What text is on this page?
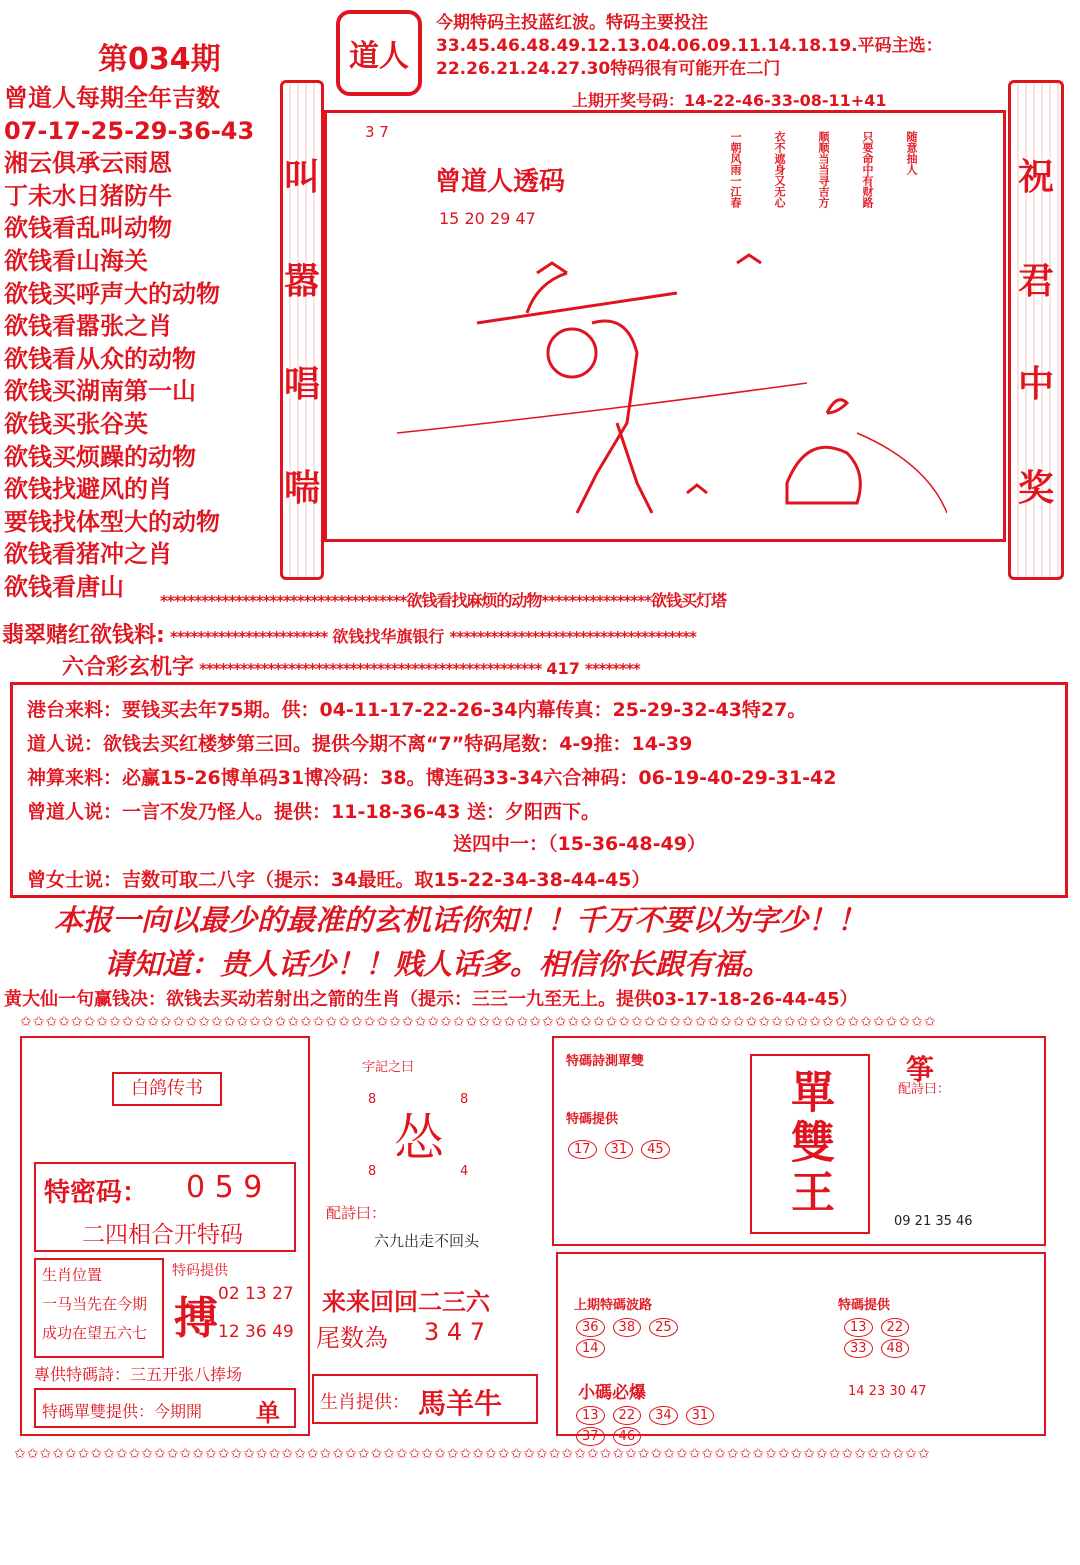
第034期
曾道人每期全年吉数
07-17-25-29-36-43
湘云俱承云雨恩
丁未水日猪防牛
欲钱看乱叫动物
欲钱看山海关
欲钱买呼声大的动物
欲钱看嚣张之肖
欲钱看从众的动物
欲钱买湖南第一山
欲钱买张谷英
欲钱买烦躁的动物
欲钱找避风的肖
要钱找体型大的动物
欲钱看猪冲之肖
欲钱看唐山
道人
今期特码主投蓝红波。特码主要投注33.45.46.48.49.12.13.04.06.09.11.14.18.19.平码主选：22.26.21.24.27.30特码很有可能开在二门
上期开奖号码：14-22-46-33-08-11+41
叫
嚣
唱
喘
祝
君
中
奖
3 7
曾道人透码
15 20 29 47
一朝风雨一江春	衣不遮身又无心	顺顺当当寻吉方	只要命中有财路	随意抽人
************************************欲钱看找麻烦的动物****************欲钱买灯塔
翡翠赌红欲钱料: *********************** 欲钱找华旗银行 ************************************
六合彩玄机字 ************************************************** 417 ********
港台来料：要钱买去年75期。供：04-11-17-22-26-34内幕传真：25-29-32-43特27。
道人说：欲钱去买红楼梦第三回。提供今期不离“7”特码尾数：4-9推：14-39
神算来料：必赢15-26博单码31博冷码：38。博连码33-34六合神码：06-19-40-29-31-42
曾道人说：一言不发乃怪人。提供：11-18-36-43 送：夕阳西下。
送四中一：（15-36-48-49）
曾女士说：吉数可取二八字（提示：34最旺。取15-22-34-38-44-45）
本报一向以最少的最准的玄机话你知！！千万不要以为字少！！
请知道：贵人话少！！贱人话多。相信你长跟有福。
黄大仙一句赢钱决：欲钱去买动若射出之箭的生肖（提示：三三一九至无上。提供03-17-18-26-44-45）
✩✩✩✩✩✩✩✩✩✩✩✩✩✩✩✩✩✩✩✩✩✩✩✩✩✩✩✩✩✩✩✩✩✩✩✩✩✩✩✩✩✩✩✩✩✩✩✩✩✩✩✩✩✩✩✩✩✩✩✩✩✩✩✩✩✩✩✩✩✩✩✩
白鸽传书
特密码： 0 5 9
二四相合开特码
生肖位置
一马当先在今期
成功在望五六七
特码提供
搏 02 13 27
12 36 49
專供特碼詩：三五开张八捧场
特碼單雙提供：今期開 单
字記之曰
8	8
怂
8	4
配詩曰：
六九出走不回头
来来回回二三六
尾数為 3 4 7
生肖提供： 馬羊牛
特碼詩測單雙
特碼提供
17 31 45	單雙王	配詩曰：
筝
09 21 35 46
上期特碼波路
36 38 2514
特碼提供
13 2233 48
小碼必爆
13 22 34 3137 46
14 23 30 47
✩✩✩✩✩✩✩✩✩✩✩✩✩✩✩✩✩✩✩✩✩✩✩✩✩✩✩✩✩✩✩✩✩✩✩✩✩✩✩✩✩✩✩✩✩✩✩✩✩✩✩✩✩✩✩✩✩✩✩✩✩✩✩✩✩✩✩✩✩✩✩✩
